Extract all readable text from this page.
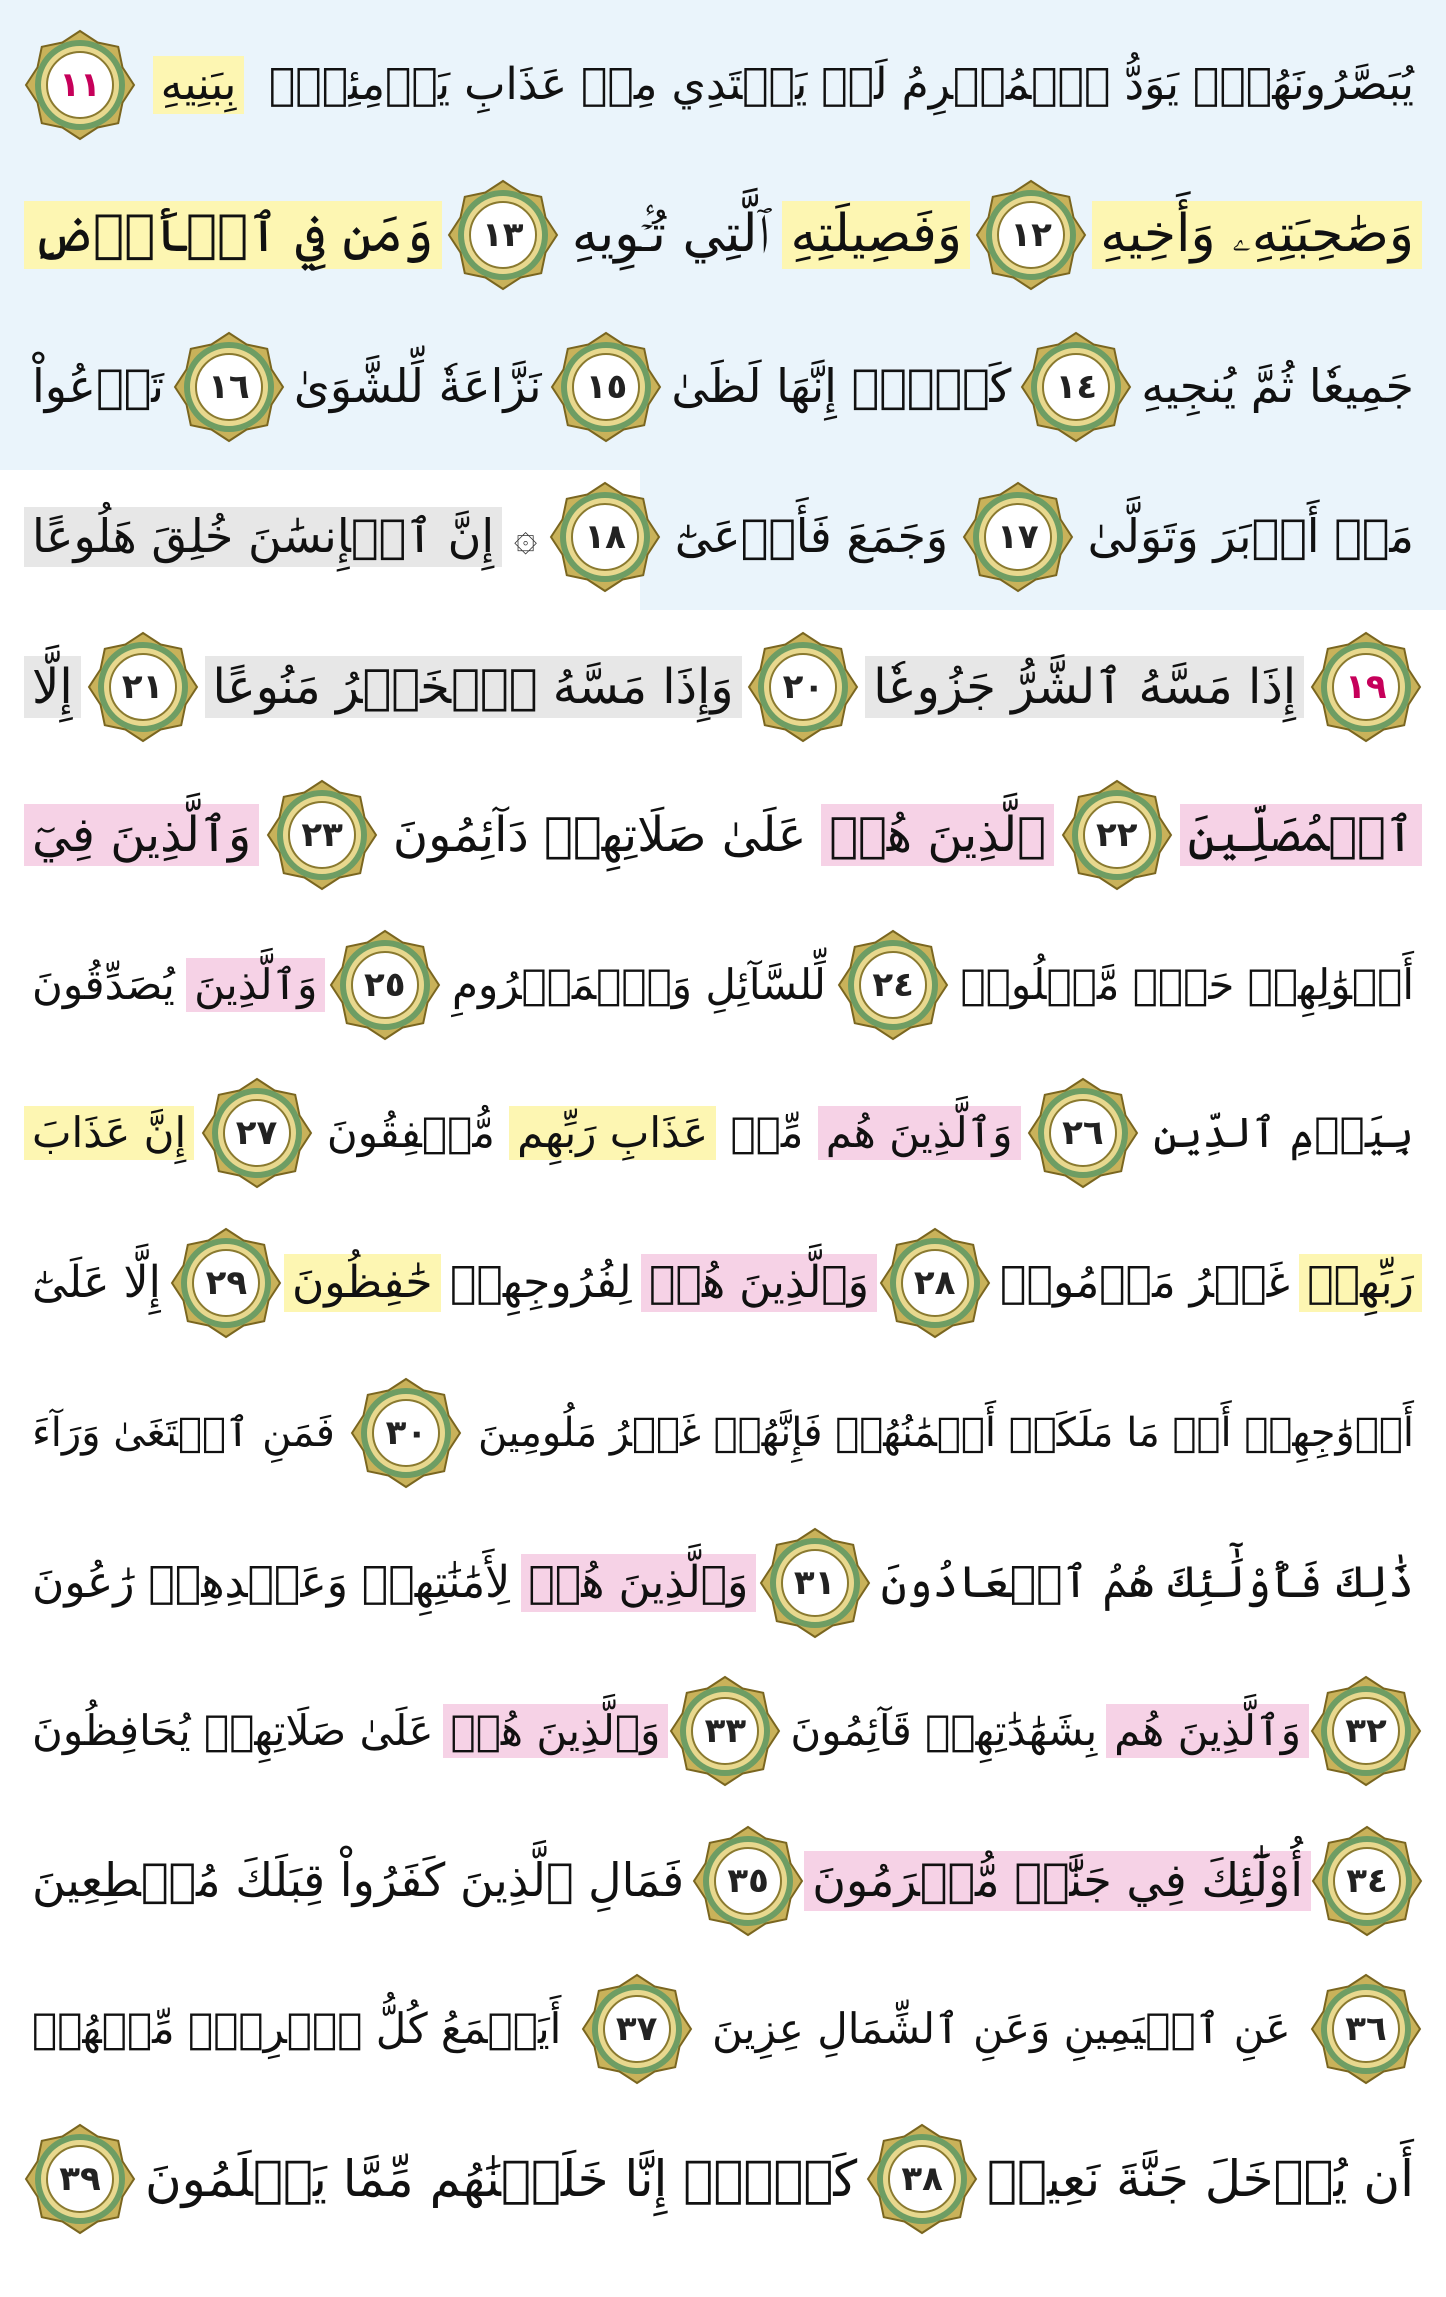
١١	بِبَنِيهِ يُبَصَّرُونَهُمۡۚ يَوَدُّ ٱلۡمُجۡرِمُ لَوۡ يَفۡتَدِي مِنۡ عَذَابِ يَوۡمِئِذِۭ
وَمَن فِي ٱلۡأَرۡضِ	١٣ ٱلَّتِي تُـٔۡوِيهِ وَفَصِيلَتِهِ	١٢ وَصَٰحِبَتِهِۦ وَأَخِيهِ
تَدۡعُواْ	١٦ نَزَّاعَةٗ لِّلشَّوَىٰ	١٥ كَلَّآۖ إِنَّهَا لَظَىٰ	١٤ جَمِيعٗا ثُمَّ يُنجِيهِ
إِنَّ ٱلۡإِنسَٰنَ خُلِقَ هَلُوعًا ۞	١٨	وَجَمَعَ فَأَوۡعَىٰٓ	١٧	مَنۡ أَدۡبَرَ وَتَوَلَّىٰ
إِلَّا	٢١	وَإِذَا مَسَّهُ ٱلۡخَيۡرُ مَنُوعًا	٢٠	إِذَا مَسَّهُ ٱلشَّرُّ جَزُوعٗا	١٩
وَٱلَّذِينَ فِيٓ	٢٣	عَلَىٰ صَلَاتِهِمۡ دَآئِمُونَ ٱلَّذِينَ هُمۡ	٢٢	ٱلۡمُصَلِّينَ
يُصَدِّقُونَ وَٱلَّذِينَ	٢٥	لِّلسَّآئِلِ وَٱلۡمَحۡرُومِ	٢٤	أَمۡوَٰلِهِمۡ حَقّٞ مَّعۡلُومٞ
إِنَّ عَذَابَ	٢٧	مُّشۡفِقُونَ عَذَابِ رَبِّهِم مِّنۡ وَٱلَّذِينَ هُم	٢٦	بِيَوۡمِ ٱلدِّينِ
إِلَّا عَلَىٰٓ	٢٩	حَٰفِظُونَ لِفُرُوجِهِمۡ وَٱلَّذِينَ هُمۡ	٢٨	غَيۡرُ مَأۡمُونٖ رَبِّهِمۡ
فَمَنِ ٱبۡتَغَىٰ وَرَآءَ	٣٠	أَزۡوَٰجِهِمۡ أَوۡ مَا مَلَكَتۡ أَيۡمَٰنُهُمۡ فَإِنَّهُمۡ غَيۡرُ مَلُومِينَ
لِأَمَٰنَٰتِهِمۡ وَعَهۡدِهِمۡ رَٰعُونَ وَٱلَّذِينَ هُمۡ	٣١	ذَٰلِكَ فَأُوْلَٰٓئِكَ هُمُ ٱلۡعَادُونَ
عَلَىٰ صَلَاتِهِمۡ يُحَافِظُونَ وَٱلَّذِينَ هُمۡ	٣٣	بِشَهَٰدَٰتِهِمۡ قَآئِمُونَ وَٱلَّذِينَ هُم	٣٢
فَمَالِ ٱلَّذِينَ كَفَرُواْ قِبَلَكَ مُهۡطِعِينَ	٣٥ أُوْلَٰٓئِكَ فِي جَنَّٰتٖ مُّكۡرَمُونَ	٣٤
أَيَطۡمَعُ كُلُّ ٱمۡرِيٕٖ مِّنۡهُمۡ	٣٧	عَنِ ٱلۡيَمِينِ وَعَنِ ٱلشِّمَالِ عِزِينَ	٣٦
٣٩ كَلَّآۖ إِنَّا خَلَقۡنَٰهُم مِّمَّا يَعۡلَمُونَ	٣٨ أَن يُدۡخَلَ جَنَّةَ نَعِيمٖ
